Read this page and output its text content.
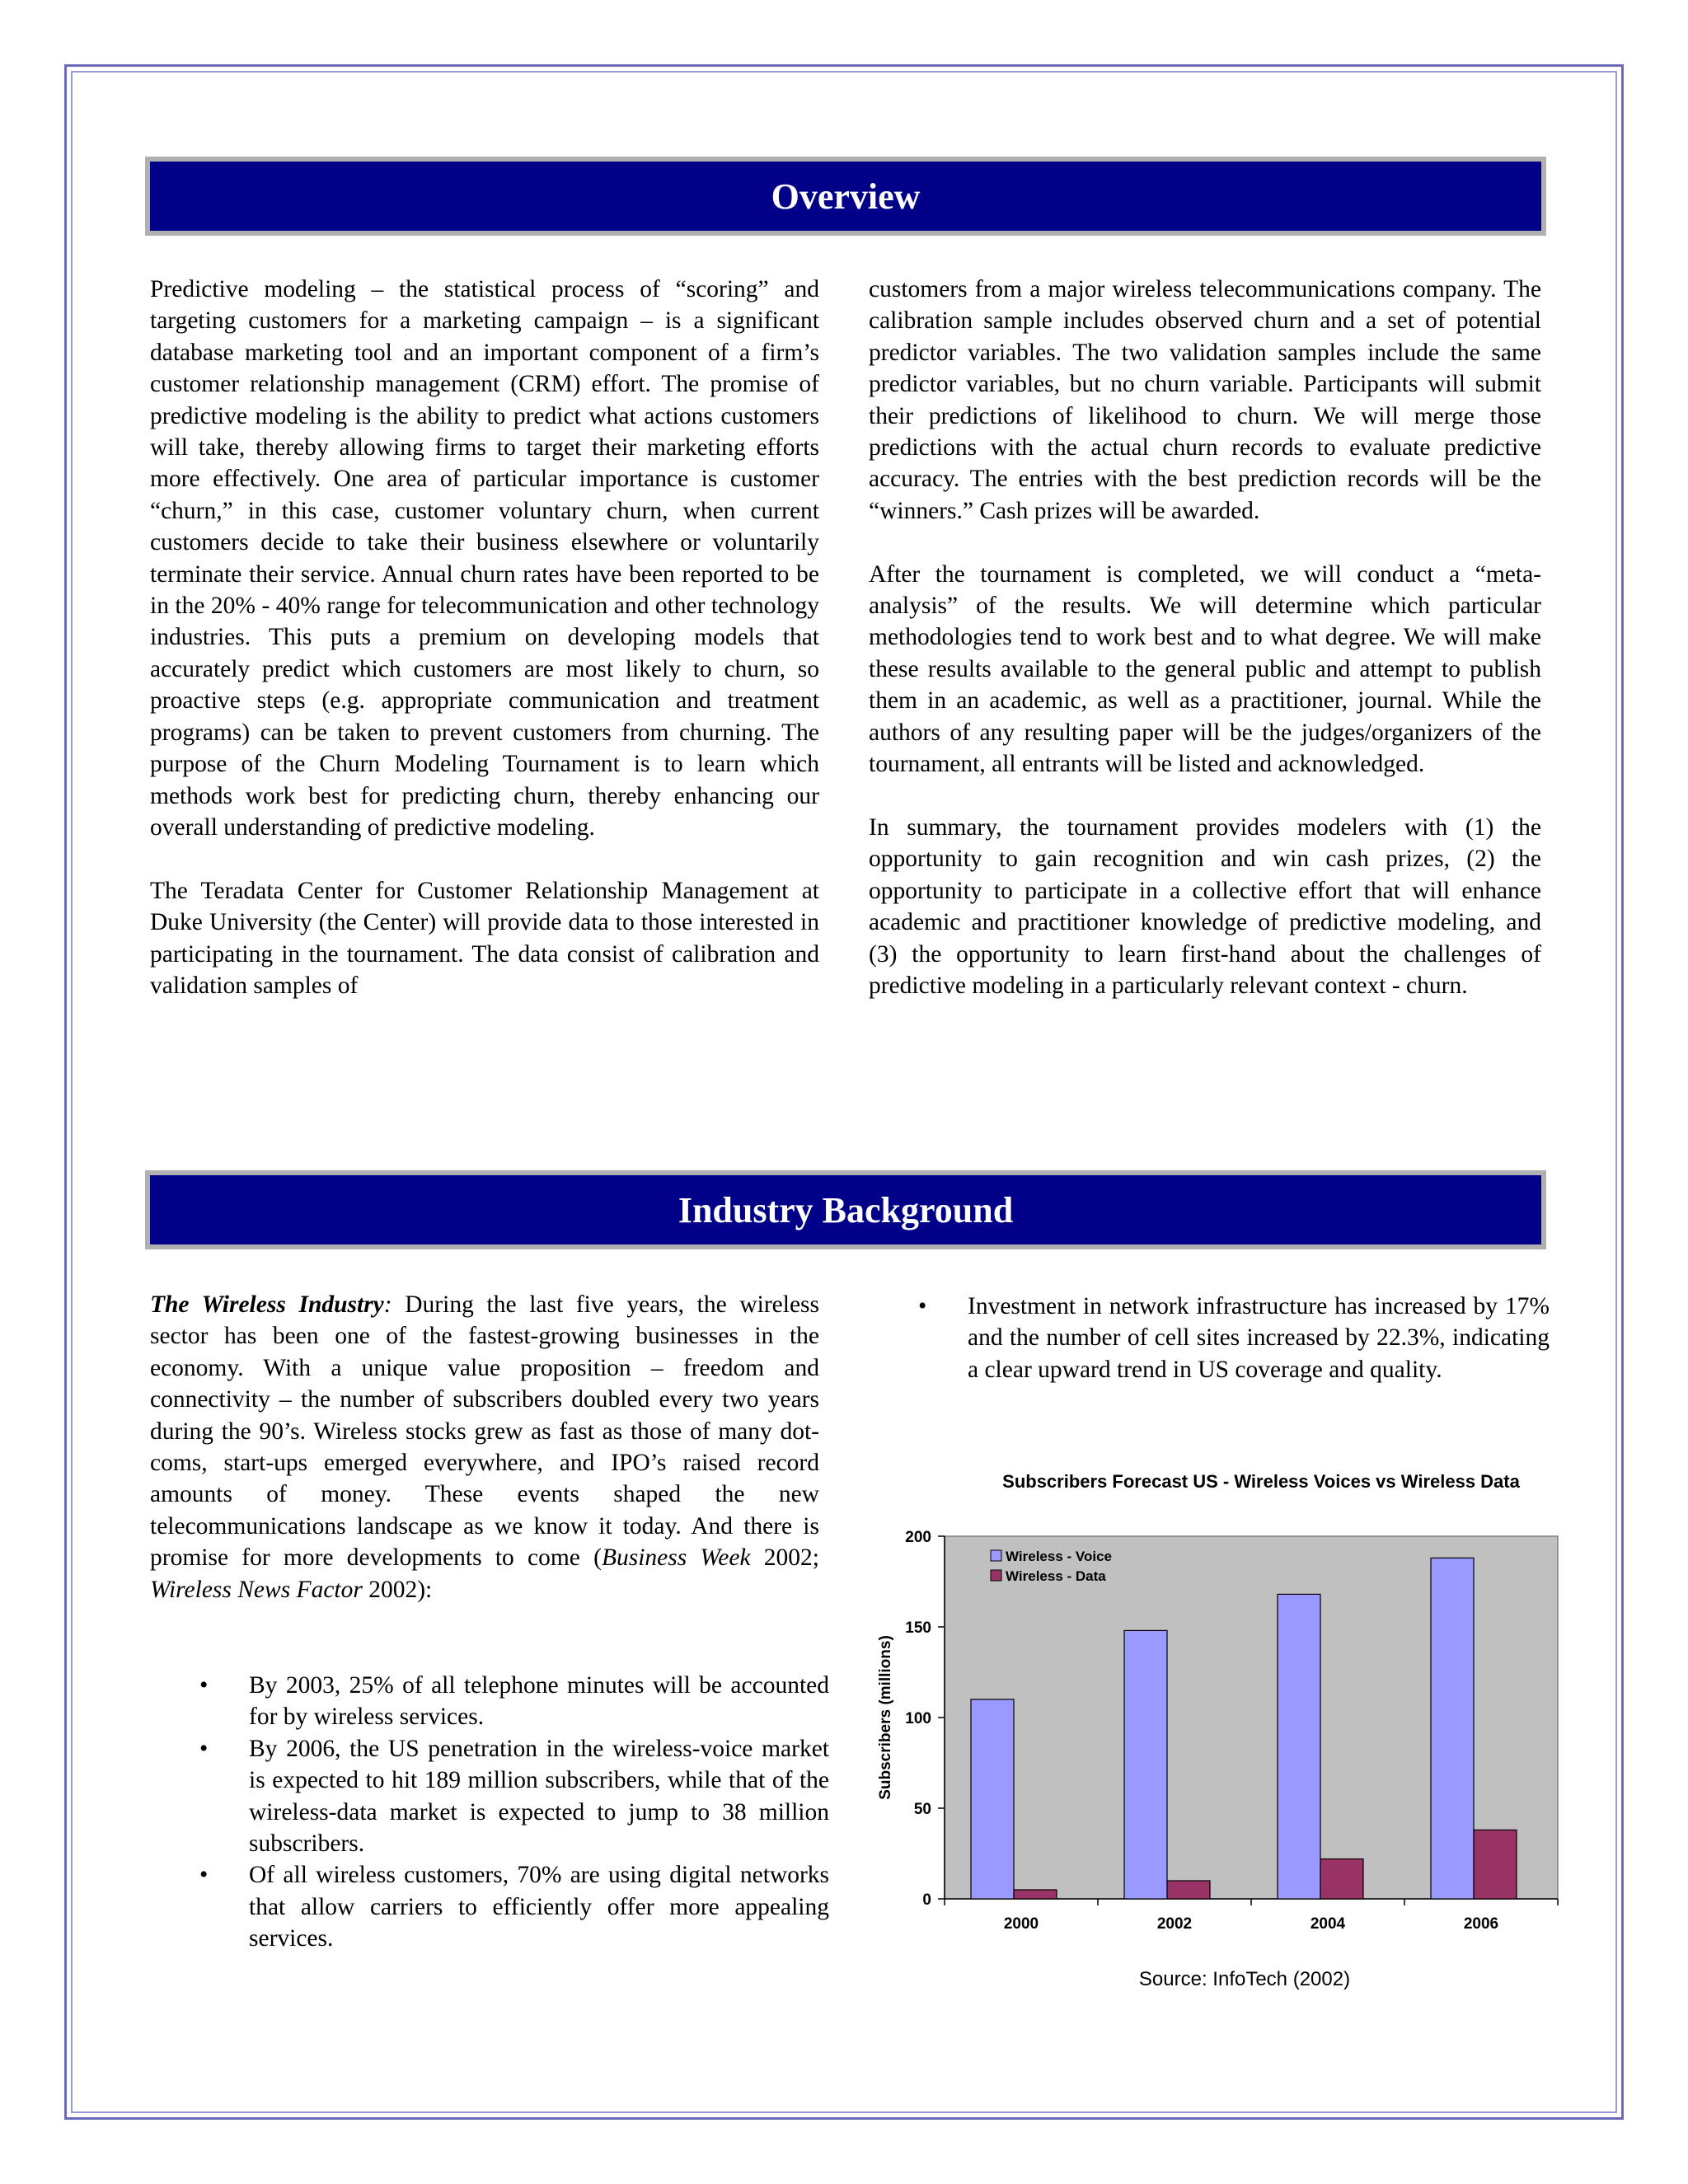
Overview

Predictive modeling – the statistical process of “scoring” and targeting customers for a marketing campaign – is a significant database marketing tool and an important component of a firm’s customer relationship management (CRM) effort. The promise of predictive modeling is the ability to predict what actions customers will take, thereby allowing firms to target their marketing efforts more effectively. One area of particular importance is customer “churn,” in this case, customer voluntary churn, when current customers decide to take their business elsewhere or voluntarily terminate their service. Annual churn rates have been reported to be in the 20% - 40% range for telecommunication and other technology industries. This puts a premium on developing models that accurately predict which customers are most likely to churn, so proactive steps (e.g. appropriate communication and treatment programs) can be taken to prevent customers from churning. The purpose of the Churn Modeling Tournament is to learn which methods work best for predicting churn, thereby enhancing our overall understanding of predictive modeling.

The Teradata Center for Customer Relationship Management at Duke University (the Center) will provide data to those interested in participating in the tournament. The data consist of calibration and validation samples of

customers from a major wireless telecommunications company. The calibration sample includes observed churn and a set of potential predictor variables. The two validation samples include the same predictor variables, but no churn variable. Participants will submit their predictions of likelihood to churn. We will merge those predictions with the actual churn records to evaluate predictive accuracy. The entries with the best prediction records will be the “winners.” Cash prizes will be awarded.

After the tournament is completed, we will conduct a “meta-analysis” of the results. We will determine which particular methodologies tend to work best and to what degree. We will make these results available to the general public and attempt to publish them in an academic, as well as a practitioner, journal. While the authors of any resulting paper will be the judges/organizers of the tournament, all entrants will be listed and acknowledged.

In summary, the tournament provides modelers with (1) the opportunity to gain recognition and win cash prizes, (2) the opportunity to participate in a collective effort that will enhance academic and practitioner knowledge of predictive modeling, and (3) the opportunity to learn first-hand about the challenges of predictive modeling in a particularly relevant context - churn.

Industry Background

The Wireless Industry: During the last five years, the wireless sector has been one of the fastest-growing businesses in the economy. With a unique value proposition – freedom and connectivity – the number of subscribers doubled every two years during the 90’s. Wireless stocks grew as fast as those of many dot-coms, start-ups emerged everywhere, and IPO’s raised record amounts of money. These events shaped the new telecommunications landscape as we know it today. And there is promise for more developments to come (Business Week 2002; Wireless News Factor 2002):

• By 2003, 25% of all telephone minutes will be accounted for by wireless services.
• By 2006, the US penetration in the wireless-voice market is expected to hit 189 million subscribers, while that of the wireless-data market is expected to jump to 38 million subscribers.
• Of all wireless customers, 70% are using digital networks that allow carriers to efficiently offer more appealing services.
• Investment in network infrastructure has increased by 17% and the number of cell sites increased by 22.3%, indicating a clear upward trend in US coverage and quality.
Subscribers Forecast US - Wireless Voices vs Wireless Data
0
50
100
150
200
Subscribers (millions)
2000	2002	2004	2006
Wireless - Voice
Wireless - Data
Source: InfoTech (2002)
